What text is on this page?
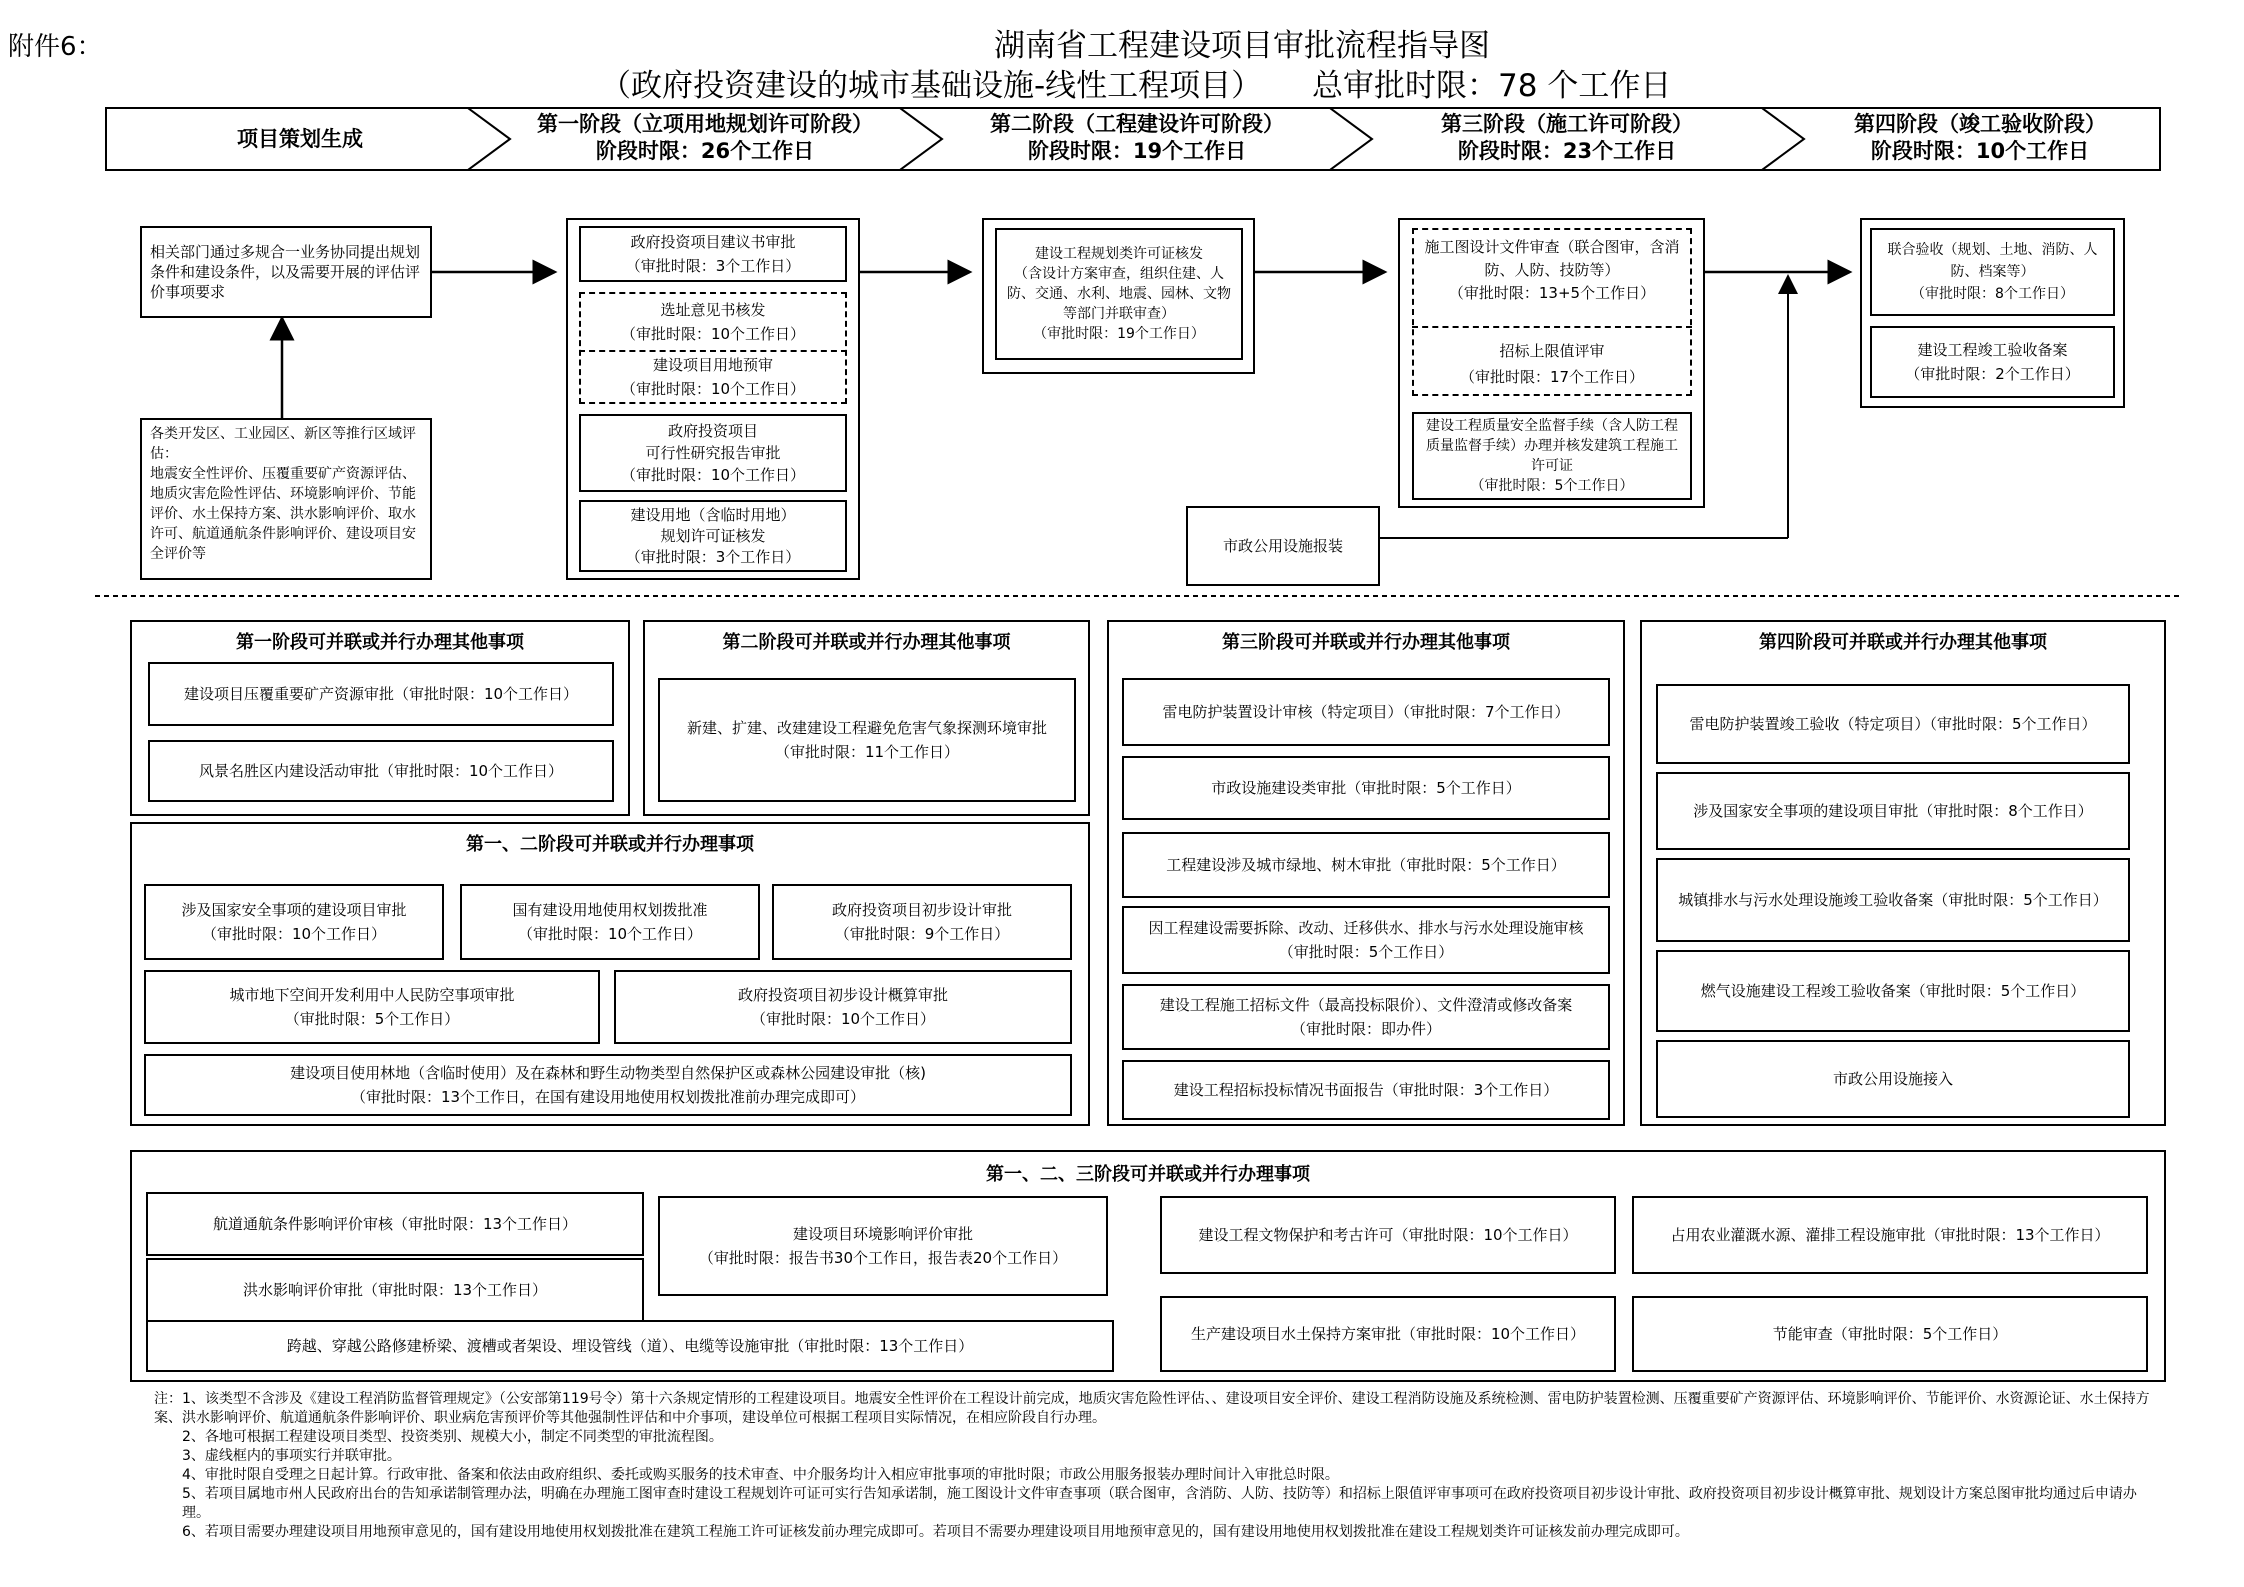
附件6：	湖南省工程建设项目审批流程指导图
（政府投资建设的城市基础设施-线性工程项目） 总审批时限：78 个工作日
项目策划生成
第一阶段（立项用地规划许可阶段）
阶段时限：26个工作日
第二阶段（工程建设许可阶段）
阶段时限：19个工作日
第三阶段（施工许可阶段）
阶段时限：23个工作日
第四阶段（竣工验收阶段）
阶段时限：10个工作日
相关部门通过多规合一业务协同提出规划条件和建设条件，以及需要开展的评估评价事项要求
各类开发区、工业园区、新区等推行区域评估：
地震安全性评价、压覆重要矿产资源评估、地质灾害危险性评估、环境影响评价、节能评价、水土保持方案、洪水影响评价、取水许可、航道通航条件影响评价、建设项目安全评价等
政府投资项目建议书审批
（审批时限：3个工作日）
选址意见书核发
（审批时限：10个工作日）
建设项目用地预审
（审批时限：10个工作日）
政府投资项目
可行性研究报告审批
（审批时限：10个工作日）
建设用地（含临时用地）
规划许可证核发
（审批时限：3个工作日）
建设工程规划类许可证核发
（含设计方案审查，组织住建、人防、交通、水利、地震、园林、文物等部门并联审查）
（审批时限：19个工作日）
施工图设计文件审查（联合图审，含消防、人防、技防等）
（审批时限：13+5个工作日）
招标上限值评审
（审批时限：17个工作日）
建设工程质量安全监督手续（含人防工程质量监督手续）办理并核发建筑工程施工许可证
（审批时限：5个工作日）
市政公用设施报装
联合验收（规划、土地、消防、人防、档案等）
（审批时限：8个工作日）
建设工程竣工验收备案
（审批时限：2个工作日）
第一阶段可并联或并行办理其他事项
建设项目压覆重要矿产资源审批（审批时限：10个工作日）
风景名胜区内建设活动审批（审批时限：10个工作日）
第二阶段可并联或并行办理其他事项
新建、扩建、改建建设工程避免危害气象探测环境审批
（审批时限：11个工作日）
第一、二阶段可并联或并行办理事项
涉及国家安全事项的建设项目审批
（审批时限：10个工作日）
国有建设用地使用权划拨批准
（审批时限：10个工作日）
政府投资项目初步设计审批
（审批时限：9个工作日）
城市地下空间开发利用中人民防空事项审批
（审批时限：5个工作日）
政府投资项目初步设计概算审批
（审批时限：10个工作日）
建设项目使用林地（含临时使用）及在森林和野生动物类型自然保护区或森林公园建设审批（核)
（审批时限：13个工作日，在国有建设用地使用权划拨批准前办理完成即可）
第三阶段可并联或并行办理其他事项
雷电防护装置设计审核（特定项目）（审批时限：7个工作日）
市政设施建设类审批（审批时限：5个工作日）
工程建设涉及城市绿地、树木审批（审批时限：5个工作日）
因工程建设需要拆除、改动、迁移供水、排水与污水处理设施审核
（审批时限：5个工作日）
建设工程施工招标文件（最高投标限价）、文件澄清或修改备案
（审批时限：即办件）
建设工程招标投标情况书面报告（审批时限：3个工作日）
第四阶段可并联或并行办理其他事项
雷电防护装置竣工验收（特定项目）（审批时限：5个工作日）
涉及国家安全事项的建设项目审批（审批时限：8个工作日）
城镇排水与污水处理设施竣工验收备案（审批时限：5个工作日）
燃气设施建设工程竣工验收备案（审批时限：5个工作日）
市政公用设施接入
第一、二、三阶段可并联或并行办理事项
航道通航条件影响评价审核（审批时限：13个工作日）
洪水影响评价审批（审批时限：13个工作日）
跨越、穿越公路修建桥梁、渡槽或者架设、埋设管线（道）、电缆等设施审批（审批时限：13个工作日）
建设项目环境影响评价审批
（审批时限：报告书30个工作日，报告表20个工作日）
建设工程文物保护和考古许可（审批时限：10个工作日）
生产建设项目水土保持方案审批（审批时限：10个工作日）
占用农业灌溉水源、灌排工程设施审批（审批时限：13个工作日）
节能审查（审批时限：5个工作日）
注：1、该类型不含涉及《建设工程消防监督管理规定》（公安部第119号令）第十六条规定情形的工程建设项目。地震安全性评价在工程设计前完成，地质灾害危险性评估、、建设项目安全评价、建设工程消防设施及系统检测、雷电防护装置检测、压覆重要矿产资源评估、环境影响评价、节能评价、水资源论证、水土保持方案、洪水影响评价、航道通航条件影响评价、职业病危害预评价等其他强制性评估和中介事项，建设单位可根据工程项目实际情况，在相应阶段自行办理。
2、各地可根据工程建设项目类型、投资类别、规模大小，制定不同类型的审批流程图。
3、虚线框内的事项实行并联审批。
4、审批时限自受理之日起计算。行政审批、备案和依法由政府组织、委托或购买服务的技术审查、中介服务均计入相应审批事项的审批时限；市政公用服务报装办理时间计入审批总时限。
5、若项目属地市州人民政府出台的告知承诺制管理办法，明确在办理施工图审查时建设工程规划许可证可实行告知承诺制，施工图设计文件审查事项（联合图审，含消防、人防、技防等）和招标上限值评审事项可在政府投资项目初步设计审批、政府投资项目初步设计概算审批、规划设计方案总图审批均通过后申请办理。
6、若项目需要办理建设项目用地预审意见的，国有建设用地使用权划拨批准在建筑工程施工许可证核发前办理完成即可。若项目不需要办理建设项目用地预审意见的，国有建设用地使用权划拨批准在建设工程规划类许可证核发前办理完成即可。
